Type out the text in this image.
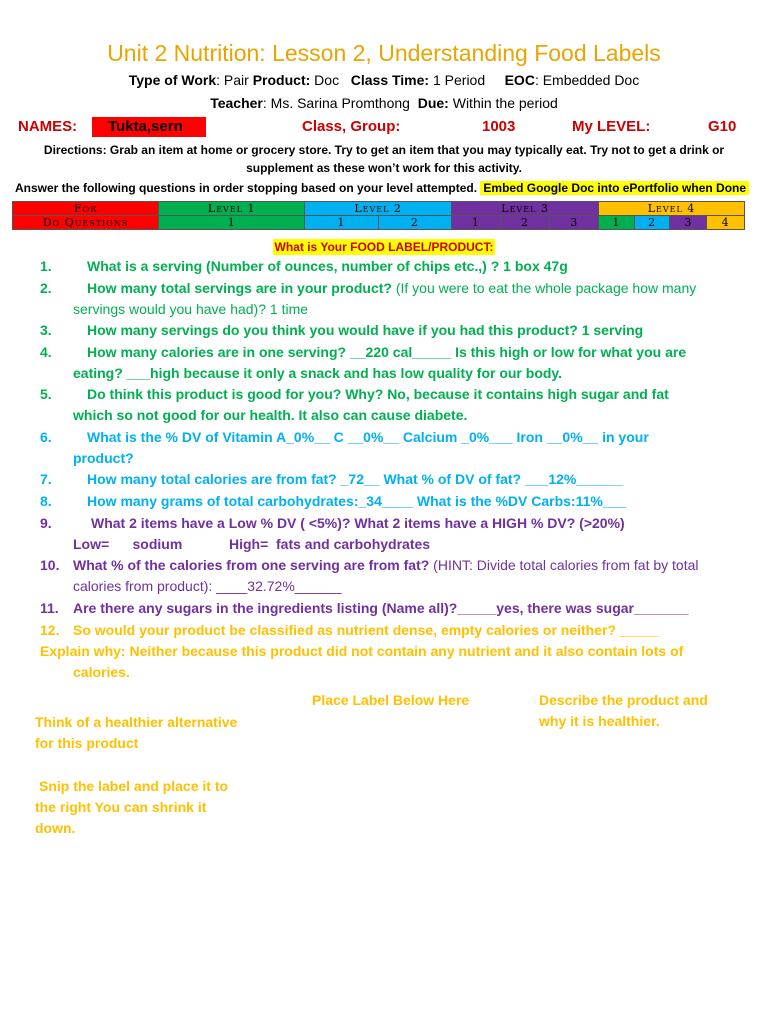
Unit 2 Nutrition: Lesson 2, Understanding Food Labels
Type of Work: Pair Product: Doc Class Time: 1 Period EOC: Embedded Doc
Teacher: Ms. Sarina Promthong Due: Within the period
NAMES:	Tukta,sern	Class, Group:	1003	My LEVEL:	G10
Directions: Grab an item at home or grocery store. Try to get an item that you may typically eat. Try not to get a drink or supplement as these won’t work for this activity.
Answer the following questions in order stopping based on your level attempted. Embed Google Doc into ePortfolio when Done
For	Level 1	Level 2		Level 3			Level 4			
Do Questions	1	1	2	1	2	3	1	2	3	4
What is Your FOOD LABEL/PRODUCT:
1.	What is a serving (Number of ounces, number of chips etc.,) ? 1 box 47g
2.	How many total servings are in your product? (If you were to eat the whole package how many
servings would you have had)? 1 time
3.	How many servings do you think you would have if you had this product? 1 serving
4.	How many calories are in one serving? __220 cal_____ Is this high or low for what you are
eating? ___high because it only a snack and has low quality for our body.
5.	Do think this product is good for you? Why? No, because it contains high sugar and fat
which so not good for our health. It also can cause diabete.
6.	What is the % DV of Vitamin A_0%__ C __0%__ Calcium _0%___ Iron __0%__ in your
product?
7.	How many total calories are from fat? _72__ What % of DV of fat? ___12%______
8.	How many grams of total carbohydrates:_34____ What is the %DV Carbs:11%___
9.	What 2 items have a Low % DV ( <5%)? What 2 items have a HIGH % DV? (>20%)
Low=      sodium            High=  fats and carbohydrates
10. What % of the calories from one serving are from fat? (HINT: Divide total calories from fat by total
calories from product): ____32.72%______
11.	Are there any sugars in the ingredients listing (Name all)?_____yes, there was sugar_______
12. So would your product be classified as nutrient dense, empty calories or neither? _____
Explain why: Neither because this product did not contain any nutrient and it also contain lots of
calories.
Place Label Below Here	Describe the product and
why it is healthier.
Think of a healthier alternative
for this product
Snip the label and place it to
the right You can shrink it
down.
